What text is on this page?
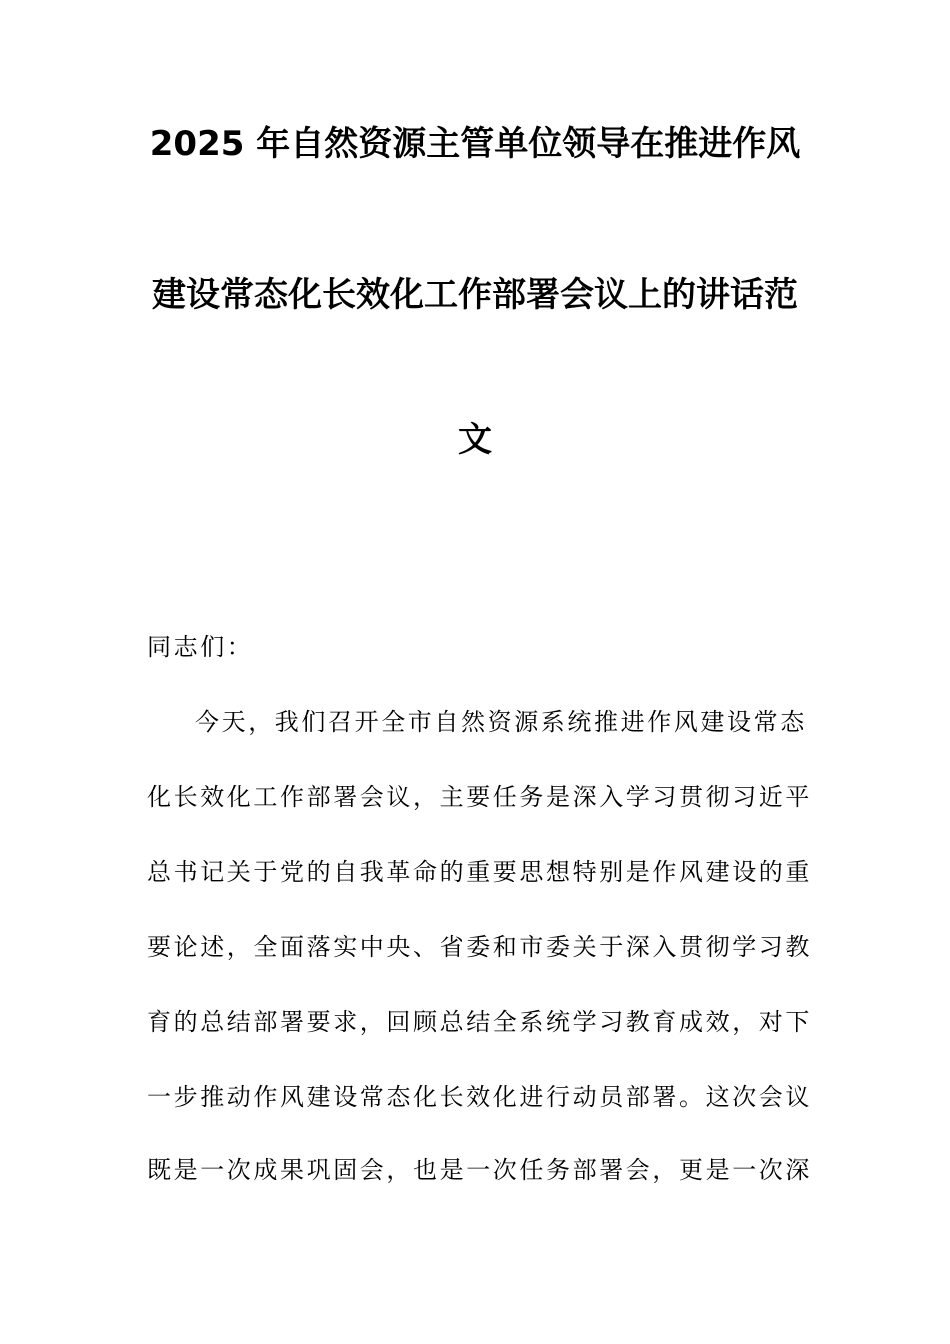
2025 年自然资源主管单位领导在推进作风
建设常态化长效化工作部署会议上的讲话范
文
同志们：
今天，我们召开全市自然资源系统推进作风建设常态
化长效化工作部署会议，主要任务是深入学习贯彻习近平
总书记关于党的自我革命的重要思想特别是作风建设的重
要论述，全面落实中央、省委和市委关于深入贯彻学习教
育的总结部署要求，回顾总结全系统学习教育成效，对下
一步推动作风建设常态化长效化进行动员部署。这次会议
既是一次成果巩固会，也是一次任务部署会，更是一次深
